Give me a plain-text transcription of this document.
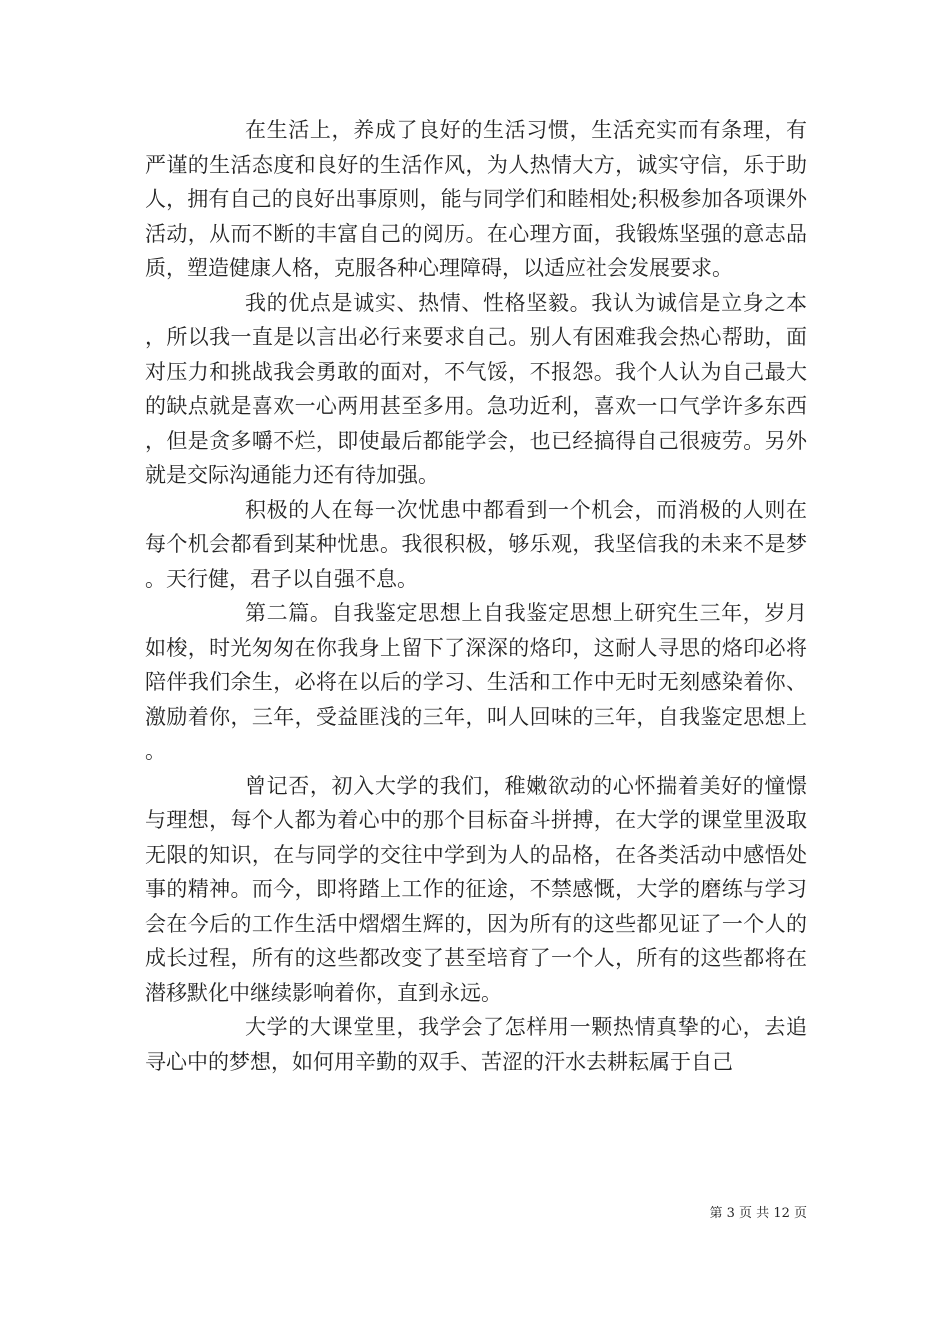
在生活上，养成了良好的生活习惯，生活充实而有条理，有严谨的生活态度和良好的生活作风，为人热情大方，诚实守信，乐于助人，拥有自己的良好出事原则，能与同学们和睦相处;积极参加各项课外活动，从而不断的丰富自己的阅历。在心理方面，我锻炼坚强的意志品质，塑造健康人格，克服各种心理障碍，以适应社会发展要求。

我的优点是诚实、热情、性格坚毅。我认为诚信是立身之本，所以我一直是以言出必行来要求自己。别人有困难我会热心帮助，面对压力和挑战我会勇敢的面对，不气馁，不报怨。我个人认为自己最大的缺点就是喜欢一心两用甚至多用。急功近利，喜欢一口气学许多东西，但是贪多嚼不烂，即使最后都能学会，也已经搞得自己很疲劳。另外就是交际沟通能力还有待加强。

积极的人在每一次忧患中都看到一个机会，而消极的人则在每个机会都看到某种忧患。我很积极，够乐观，我坚信我的未来不是梦。天行健，君子以自强不息。

第二篇。自我鉴定思想上自我鉴定思想上研究生三年，岁月如梭，时光匆匆在你我身上留下了深深的烙印，这耐人寻思的烙印必将陪伴我们余生，必将在以后的学习、生活和工作中无时无刻感染着你、激励着你，三年，受益匪浅的三年，叫人回味的三年，自我鉴定思想上。

曾记否，初入大学的我们，稚嫩欲动的心怀揣着美好的憧憬与理想，每个人都为着心中的那个目标奋斗拼搏，在大学的课堂里汲取无限的知识，在与同学的交往中学到为人的品格，在各类活动中感悟处事的精神。而今，即将踏上工作的征途，不禁感慨，大学的磨练与学习会在今后的工作生活中熠熠生辉的，因为所有的这些都见证了一个人的成长过程，所有的这些都改变了甚至培育了一个人，所有的这些都将在潜移默化中继续影响着你，直到永远。

大学的大课堂里，我学会了怎样用一颗热情真挚的心，去追寻心中的梦想，如何用辛勤的双手、苦涩的汗水去耕耘属于自己

第 3 页 共 12 页
